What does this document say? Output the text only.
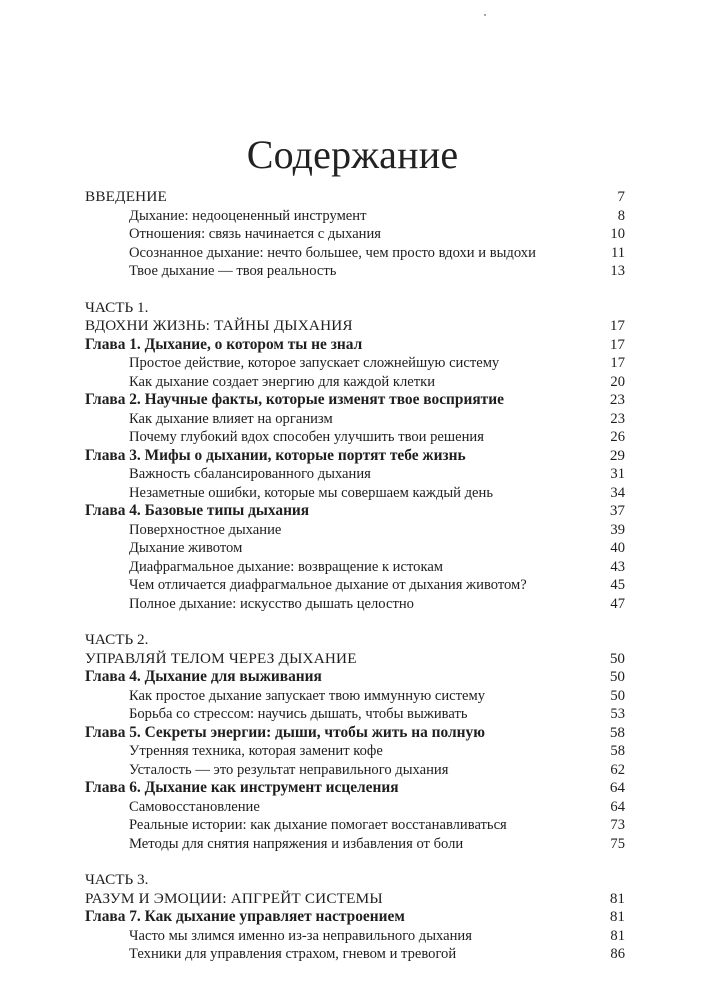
Содержание
ВВЕДЕНИЕ	7
Дыхание: недооцененный инструмент	8
Отношения: связь начинается с дыхания	10
Осознанное дыхание: нечто большее, чем просто вдохи и выдохи	11
Твое дыхание — твоя реальность	13
ЧАСТЬ 1.
ВДОХНИ ЖИЗНЬ: ТАЙНЫ ДЫХАНИЯ	17
Глава 1. Дыхание, о котором ты не знал	17
Простое действие, которое запускает сложнейшую систему	17
Как дыхание создает энергию для каждой клетки	20
Глава 2. Научные факты, которые изменят твое восприятие	23
Как дыхание влияет на организм	23
Почему глубокий вдох способен улучшить твои решения	26
Глава 3. Мифы о дыхании, которые портят тебе жизнь	29
Важность сбалансированного дыхания	31
Незаметные ошибки, которые мы совершаем каждый день	34
Глава 4. Базовые типы дыхания	37
Поверхностное дыхание	39
Дыхание животом	40
Диафрагмальное дыхание: возвращение к истокам	43
Чем отличается диафрагмальное дыхание от дыхания животом?	45
Полное дыхание: искусство дышать целостно	47
ЧАСТЬ 2.
УПРАВЛЯЙ ТЕЛОМ ЧЕРЕЗ ДЫХАНИЕ	50
Глава 4. Дыхание для выживания	50
Как простое дыхание запускает твою иммунную систему	50
Борьба со стрессом: научись дышать, чтобы выживать	53
Глава 5. Секреты энергии: дыши, чтобы жить на полную	58
Утренняя техника, которая заменит кофе	58
Усталость — это результат неправильного дыхания	62
Глава 6. Дыхание как инструмент исцеления	64
Самовосстановление	64
Реальные истории: как дыхание помогает восстанавливаться	73
Методы для снятия напряжения и избавления от боли	75
ЧАСТЬ 3.
РАЗУМ И ЭМОЦИИ: АПГРЕЙТ СИСТЕМЫ	81
Глава 7. Как дыхание управляет настроением	81
Часто мы злимся именно из-за неправильного дыхания	81
Техники для управления страхом, гневом и тревогой	86
